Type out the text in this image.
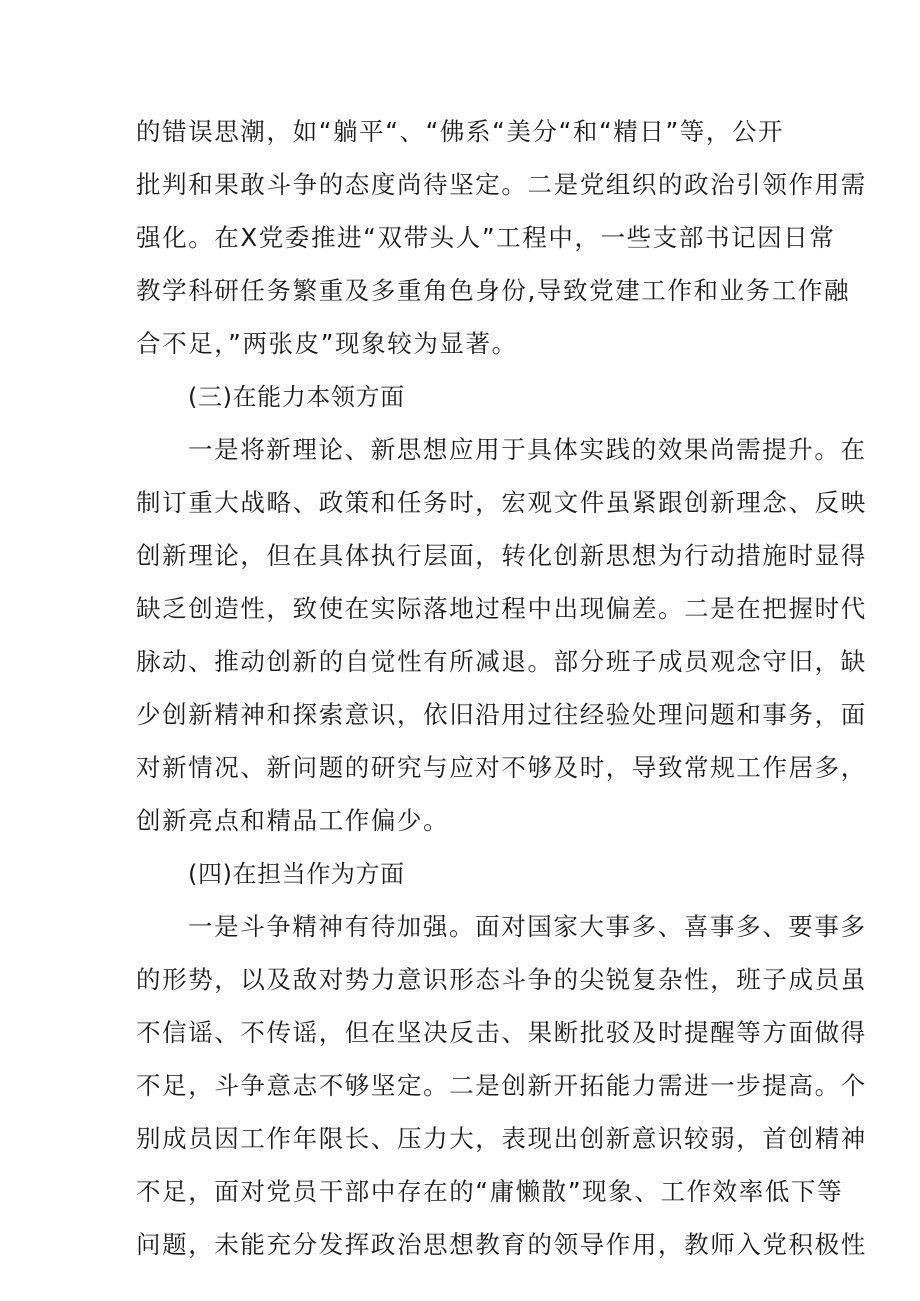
的错误思潮，如“躺平“、“佛系“美分“和“精日”等，公开

批判和果敢斗争的态度尚待坚定。二是党组织的政治引领作用需

强化。在X党委推进“双带头人”工程中，一些支部书记因日常

教学科研任务繁重及多重角色身份,导致党建工作和业务工作融

合不足，”两张皮”现象较为显著。

(三)在能力本领方面

一是将新理论、新思想应用于具体实践的效果尚需提升。在

制订重大战略、政策和任务时，宏观文件虽紧跟创新理念、反映

创新理论，但在具体执行层面，转化创新思想为行动措施时显得

缺乏创造性，致使在实际落地过程中出现偏差。二是在把握时代

脉动、推动创新的自觉性有所减退。部分班子成员观念守旧，缺

少创新精神和探索意识，依旧沿用过往经验处理问题和事务，面

对新情况、新问题的研究与应对不够及时，导致常规工作居多，

创新亮点和精品工作偏少。

(四)在担当作为方面

一是斗争精神有待加强。面对国家大事多、喜事多、要事多

的形势，以及敌对势力意识形态斗争的尖锐复杂性，班子成员虽

不信谣、不传谣，但在坚决反击、果断批驳及时提醒等方面做得

不足，斗争意志不够坚定。二是创新开拓能力需进一步提高。个

别成员因工作年限长、压力大，表现出创新意识较弱，首创精神

不足，面对党员干部中存在的“庸懒散”现象、工作效率低下等

问题，未能充分发挥政治思想教育的领导作用，教师入党积极性
